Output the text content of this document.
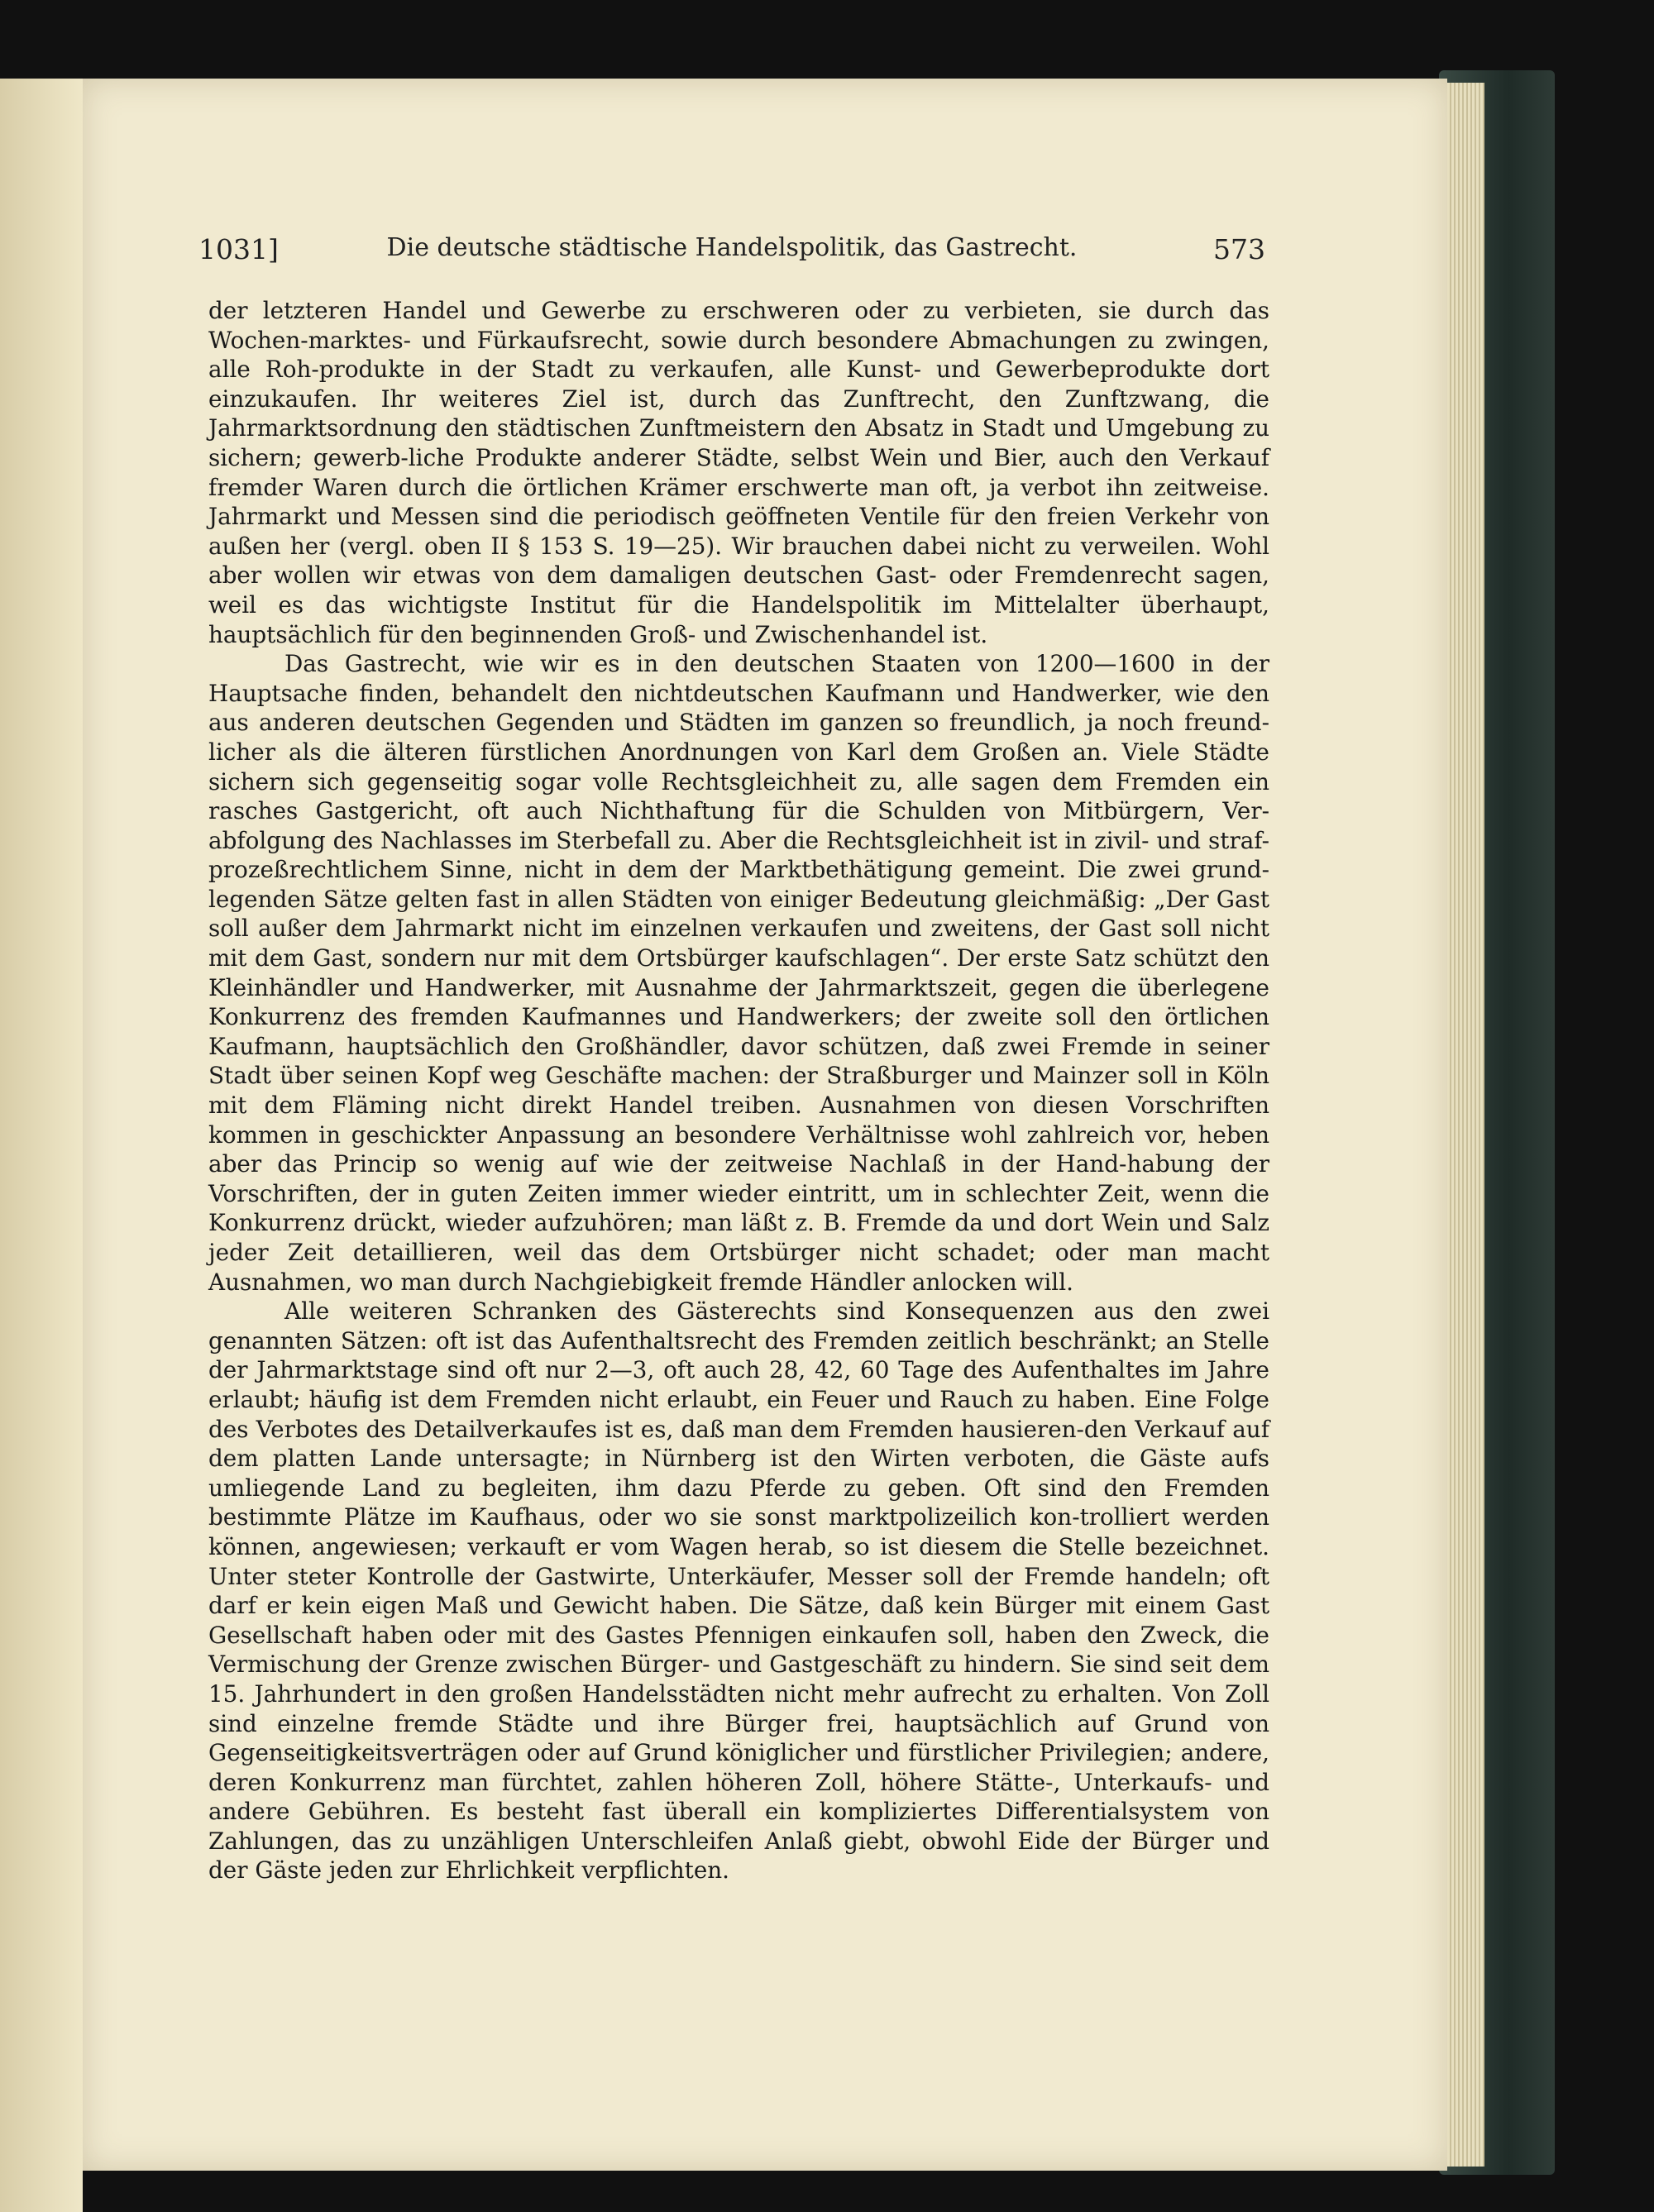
1031]	Die deutsche städtische Handelspolitik, das Gastrecht.	573

der letzteren Handel und Gewerbe zu erschweren oder zu verbieten, sie durch das Wochen-marktes- und Fürkaufsrecht, sowie durch besondere Abmachungen zu zwingen, alle Roh-produkte in der Stadt zu verkaufen, alle Kunst- und Gewerbeprodukte dort einzukaufen. Ihr weiteres Ziel ist, durch das Zunftrecht, den Zunftzwang, die Jahrmarktsordnung den städtischen Zunftmeistern den Absatz in Stadt und Umgebung zu sichern; gewerb-liche Produkte anderer Städte, selbst Wein und Bier, auch den Verkauf fremder Waren durch die örtlichen Krämer erschwerte man oft, ja verbot ihn zeitweise. Jahrmarkt und Messen sind die periodisch geöffneten Ventile für den freien Verkehr von außen her (vergl. oben II § 153 S. 19—25). Wir brauchen dabei nicht zu verweilen. Wohl aber wollen wir etwas von dem damaligen deutschen Gast- oder Fremdenrecht sagen, weil es das wichtigste Institut für die Handelspolitik im Mittelalter überhaupt, hauptsächlich für den beginnenden Groß- und Zwischenhandel ist.

Das Gastrecht, wie wir es in den deutschen Staaten von 1200—1600 in der Hauptsache finden, behandelt den nichtdeutschen Kaufmann und Handwerker, wie den aus anderen deutschen Gegenden und Städten im ganzen so freundlich, ja noch freund-licher als die älteren fürstlichen Anordnungen von Karl dem Großen an. Viele Städte sichern sich gegenseitig sogar volle Rechtsgleichheit zu, alle sagen dem Fremden ein rasches Gastgericht, oft auch Nichthaftung für die Schulden von Mitbürgern, Ver-abfolgung des Nachlasses im Sterbefall zu. Aber die Rechtsgleichheit ist in zivil- und straf-prozeßrechtlichem Sinne, nicht in dem der Marktbethätigung gemeint. Die zwei grund-legenden Sätze gelten fast in allen Städten von einiger Bedeutung gleichmäßig: „Der Gast soll außer dem Jahrmarkt nicht im einzelnen verkaufen und zweitens, der Gast soll nicht mit dem Gast, sondern nur mit dem Ortsbürger kaufschlagen“. Der erste Satz schützt den Kleinhändler und Handwerker, mit Ausnahme der Jahrmarktszeit, gegen die überlegene Konkurrenz des fremden Kaufmannes und Handwerkers; der zweite soll den örtlichen Kaufmann, hauptsächlich den Großhändler, davor schützen, daß zwei Fremde in seiner Stadt über seinen Kopf weg Geschäfte machen: der Straßburger und Mainzer soll in Köln mit dem Fläming nicht direkt Handel treiben. Ausnahmen von diesen Vorschriften kommen in geschickter Anpassung an besondere Verhältnisse wohl zahlreich vor, heben aber das Princip so wenig auf wie der zeitweise Nachlaß in der Hand-habung der Vorschriften, der in guten Zeiten immer wieder eintritt, um in schlechter Zeit, wenn die Konkurrenz drückt, wieder aufzuhören; man läßt z. B. Fremde da und dort Wein und Salz jeder Zeit detaillieren, weil das dem Ortsbürger nicht schadet; oder man macht Ausnahmen, wo man durch Nachgiebigkeit fremde Händler anlocken will.

Alle weiteren Schranken des Gästerechts sind Konsequenzen aus den zwei genannten Sätzen: oft ist das Aufenthaltsrecht des Fremden zeitlich beschränkt; an Stelle der Jahrmarktstage sind oft nur 2—3, oft auch 28, 42, 60 Tage des Aufenthaltes im Jahre erlaubt; häufig ist dem Fremden nicht erlaubt, ein Feuer und Rauch zu haben. Eine Folge des Verbotes des Detailverkaufes ist es, daß man dem Fremden hausieren-den Verkauf auf dem platten Lande untersagte; in Nürnberg ist den Wirten verboten, die Gäste aufs umliegende Land zu begleiten, ihm dazu Pferde zu geben. Oft sind den Fremden bestimmte Plätze im Kaufhaus, oder wo sie sonst marktpolizeilich kon-trolliert werden können, angewiesen; verkauft er vom Wagen herab, so ist diesem die Stelle bezeichnet. Unter steter Kontrolle der Gastwirte, Unterkäufer, Messer soll der Fremde handeln; oft darf er kein eigen Maß und Gewicht haben. Die Sätze, daß kein Bürger mit einem Gast Gesellschaft haben oder mit des Gastes Pfennigen einkaufen soll, haben den Zweck, die Vermischung der Grenze zwischen Bürger- und Gastgeschäft zu hindern. Sie sind seit dem 15. Jahrhundert in den großen Handelsstädten nicht mehr aufrecht zu erhalten. Von Zoll sind einzelne fremde Städte und ihre Bürger frei, hauptsächlich auf Grund von Gegenseitigkeitsverträgen oder auf Grund königlicher und fürstlicher Privilegien; andere, deren Konkurrenz man fürchtet, zahlen höheren Zoll, höhere Stätte-, Unterkaufs- und andere Gebühren. Es besteht fast überall ein kompliziertes Differentialsystem von Zahlungen, das zu unzähligen Unterschleifen Anlaß giebt, obwohl Eide der Bürger und der Gäste jeden zur Ehrlichkeit verpflichten.
